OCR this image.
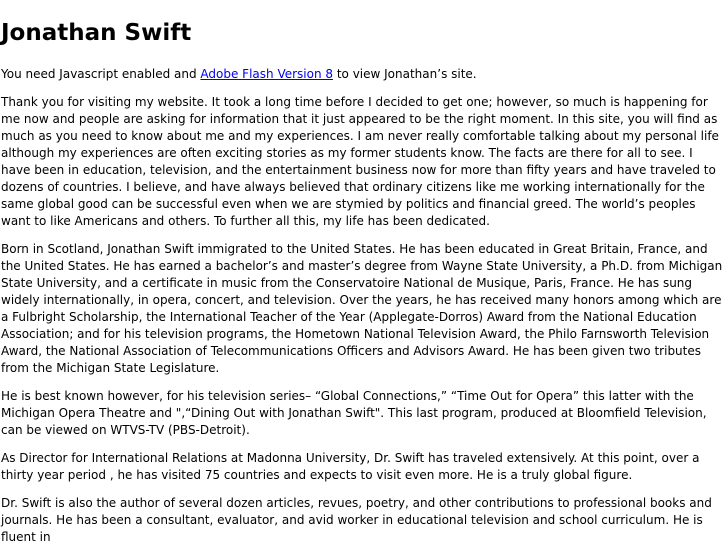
Jonathan Swift

You need Javascript enabled and Adobe Flash Version 8 to view Jonathan’s site.

Thank you for visiting my website. It took a long time before I decided to get one; however, so much is happening for me now and people are asking for information that it just appeared to be the right moment. In this site, you will find as much as you need to know about me and my experiences. I am never really comfortable talking about my personal life although my experiences are often exciting stories as my former students know. The facts are there for all to see. I have been in education, television, and the entertainment business now for more than fifty years and have traveled to dozens of countries. I believe, and have always believed that ordinary citizens like me working internationally for the same global good can be successful even when we are stymied by politics and financial greed. The world’s peoples want to like Americans and others. To further all this, my life has been dedicated.

Born in Scotland, Jonathan Swift immigrated to the United States. He has been educated in Great Britain, France, and the United States. He has earned a bachelor’s and master’s degree from Wayne State University, a Ph.D. from Michigan State University, and a certificate in music from the Conservatoire National de Musique, Paris, France. He has sung widely internationally, in opera, concert, and television. Over the years, he has received many honors among which are a Fulbright Scholarship, the International Teacher of the Year (Applegate-Dorros) Award from the National Education Association; and for his television programs, the Hometown National Television Award, the Philo Farnsworth Television Award, the National Association of Telecommunications Officers and Advisors Award. He has been given two tributes from the Michigan State Legislature.

He is best known however, for his television series– “Global Connections,” “Time Out for Opera” this latter with the Michigan Opera Theatre and ",“Dining Out with Jonathan Swift". This last program, produced at Bloomfield Television, can be viewed on WTVS-TV (PBS-Detroit).

As Director for International Relations at Madonna University, Dr. Swift has traveled extensively. At this point, over a thirty year period , he has visited 75 countries and expects to visit even more. He is a truly global figure.

Dr. Swift is also the author of several dozen articles, revues, poetry, and other contributions to professional books and journals. He has been a consultant, evaluator, and avid worker in educational television and school curriculum. He is fluent in
